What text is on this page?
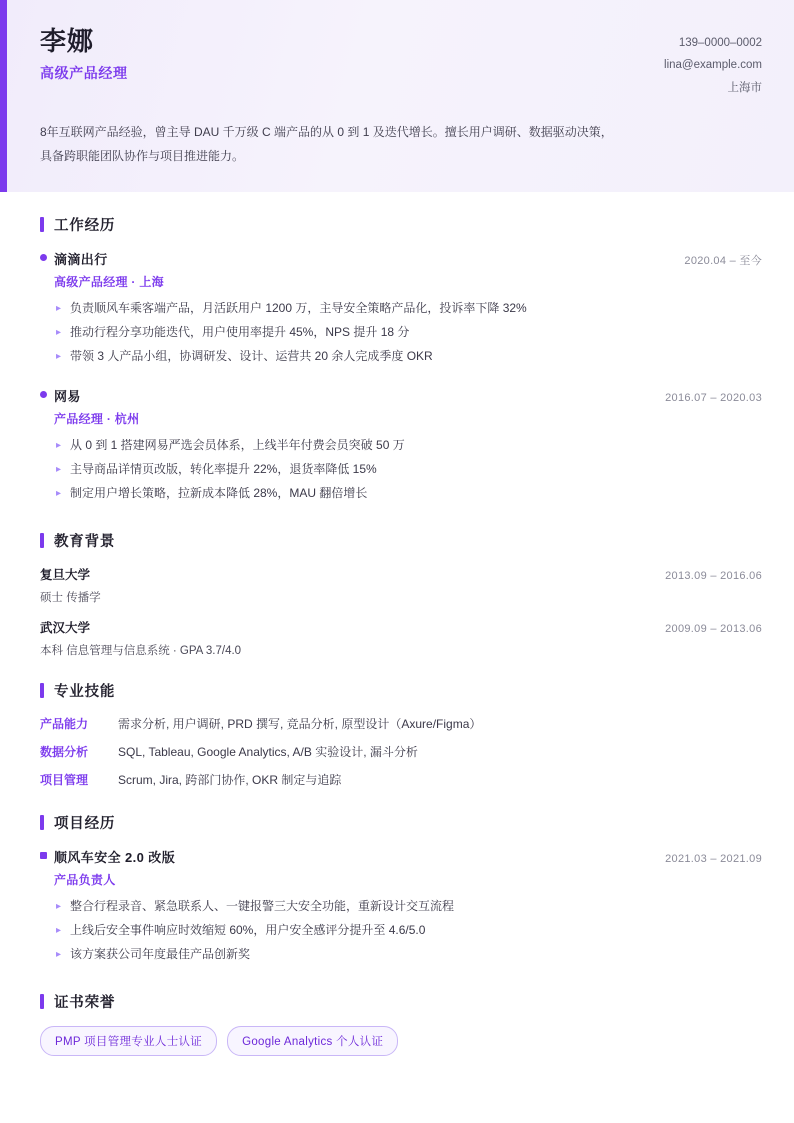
李娜
高级产品经理
139–0000–0002
lina@example.com
上海市
8年互联网产品经验，曾主导 DAU 千万级 C 端产品的从 0 到 1 及迭代增长。擅长用户调研、数据驱动决策，具备跨职能团队协作与项目推进能力。
工作经历
滴滴出行	2020.04 – 至今
高级产品经理 · 上海
▸ 负责顺风车乘客端产品，月活跃用户 1200 万，主导安全策略产品化，投诉率下降 32%
▸ 推动行程分享功能迭代，用户使用率提升 45%，NPS 提升 18 分
▸ 带领 3 人产品小组，协调研发、设计、运营共 20 余人完成季度 OKR
网易	2016.07 – 2020.03
产品经理 · 杭州
▸ 从 0 到 1 搭建网易严选会员体系，上线半年付费会员突破 50 万
▸ 主导商品详情页改版，转化率提升 22%，退货率降低 15%
▸ 制定用户增长策略，拉新成本降低 28%，MAU 翻倍增长
教育背景
复旦大学	2013.09 – 2016.06
硕士 传播学
武汉大学	2009.09 – 2013.06
本科 信息管理与信息系统 · GPA 3.7/4.0
专业技能
产品能力	需求分析, 用户调研, PRD 撰写, 竞品分析, 原型设计（Axure/Figma）
数据分析	SQL, Tableau, Google Analytics, A/B 实验设计, 漏斗分析
项目管理	Scrum, Jira, 跨部门协作, OKR 制定与追踪
项目经历
顺风车安全 2.0 改版	2021.03 – 2021.09
产品负责人
▸ 整合行程录音、紧急联系人、一键报警三大安全功能，重新设计交互流程
▸ 上线后安全事件响应时效缩短 60%，用户安全感评分提升至 4.6/5.0
▸ 该方案获公司年度最佳产品创新奖
证书荣誉
PMP 项目管理专业人士认证	Google Analytics 个人认证
